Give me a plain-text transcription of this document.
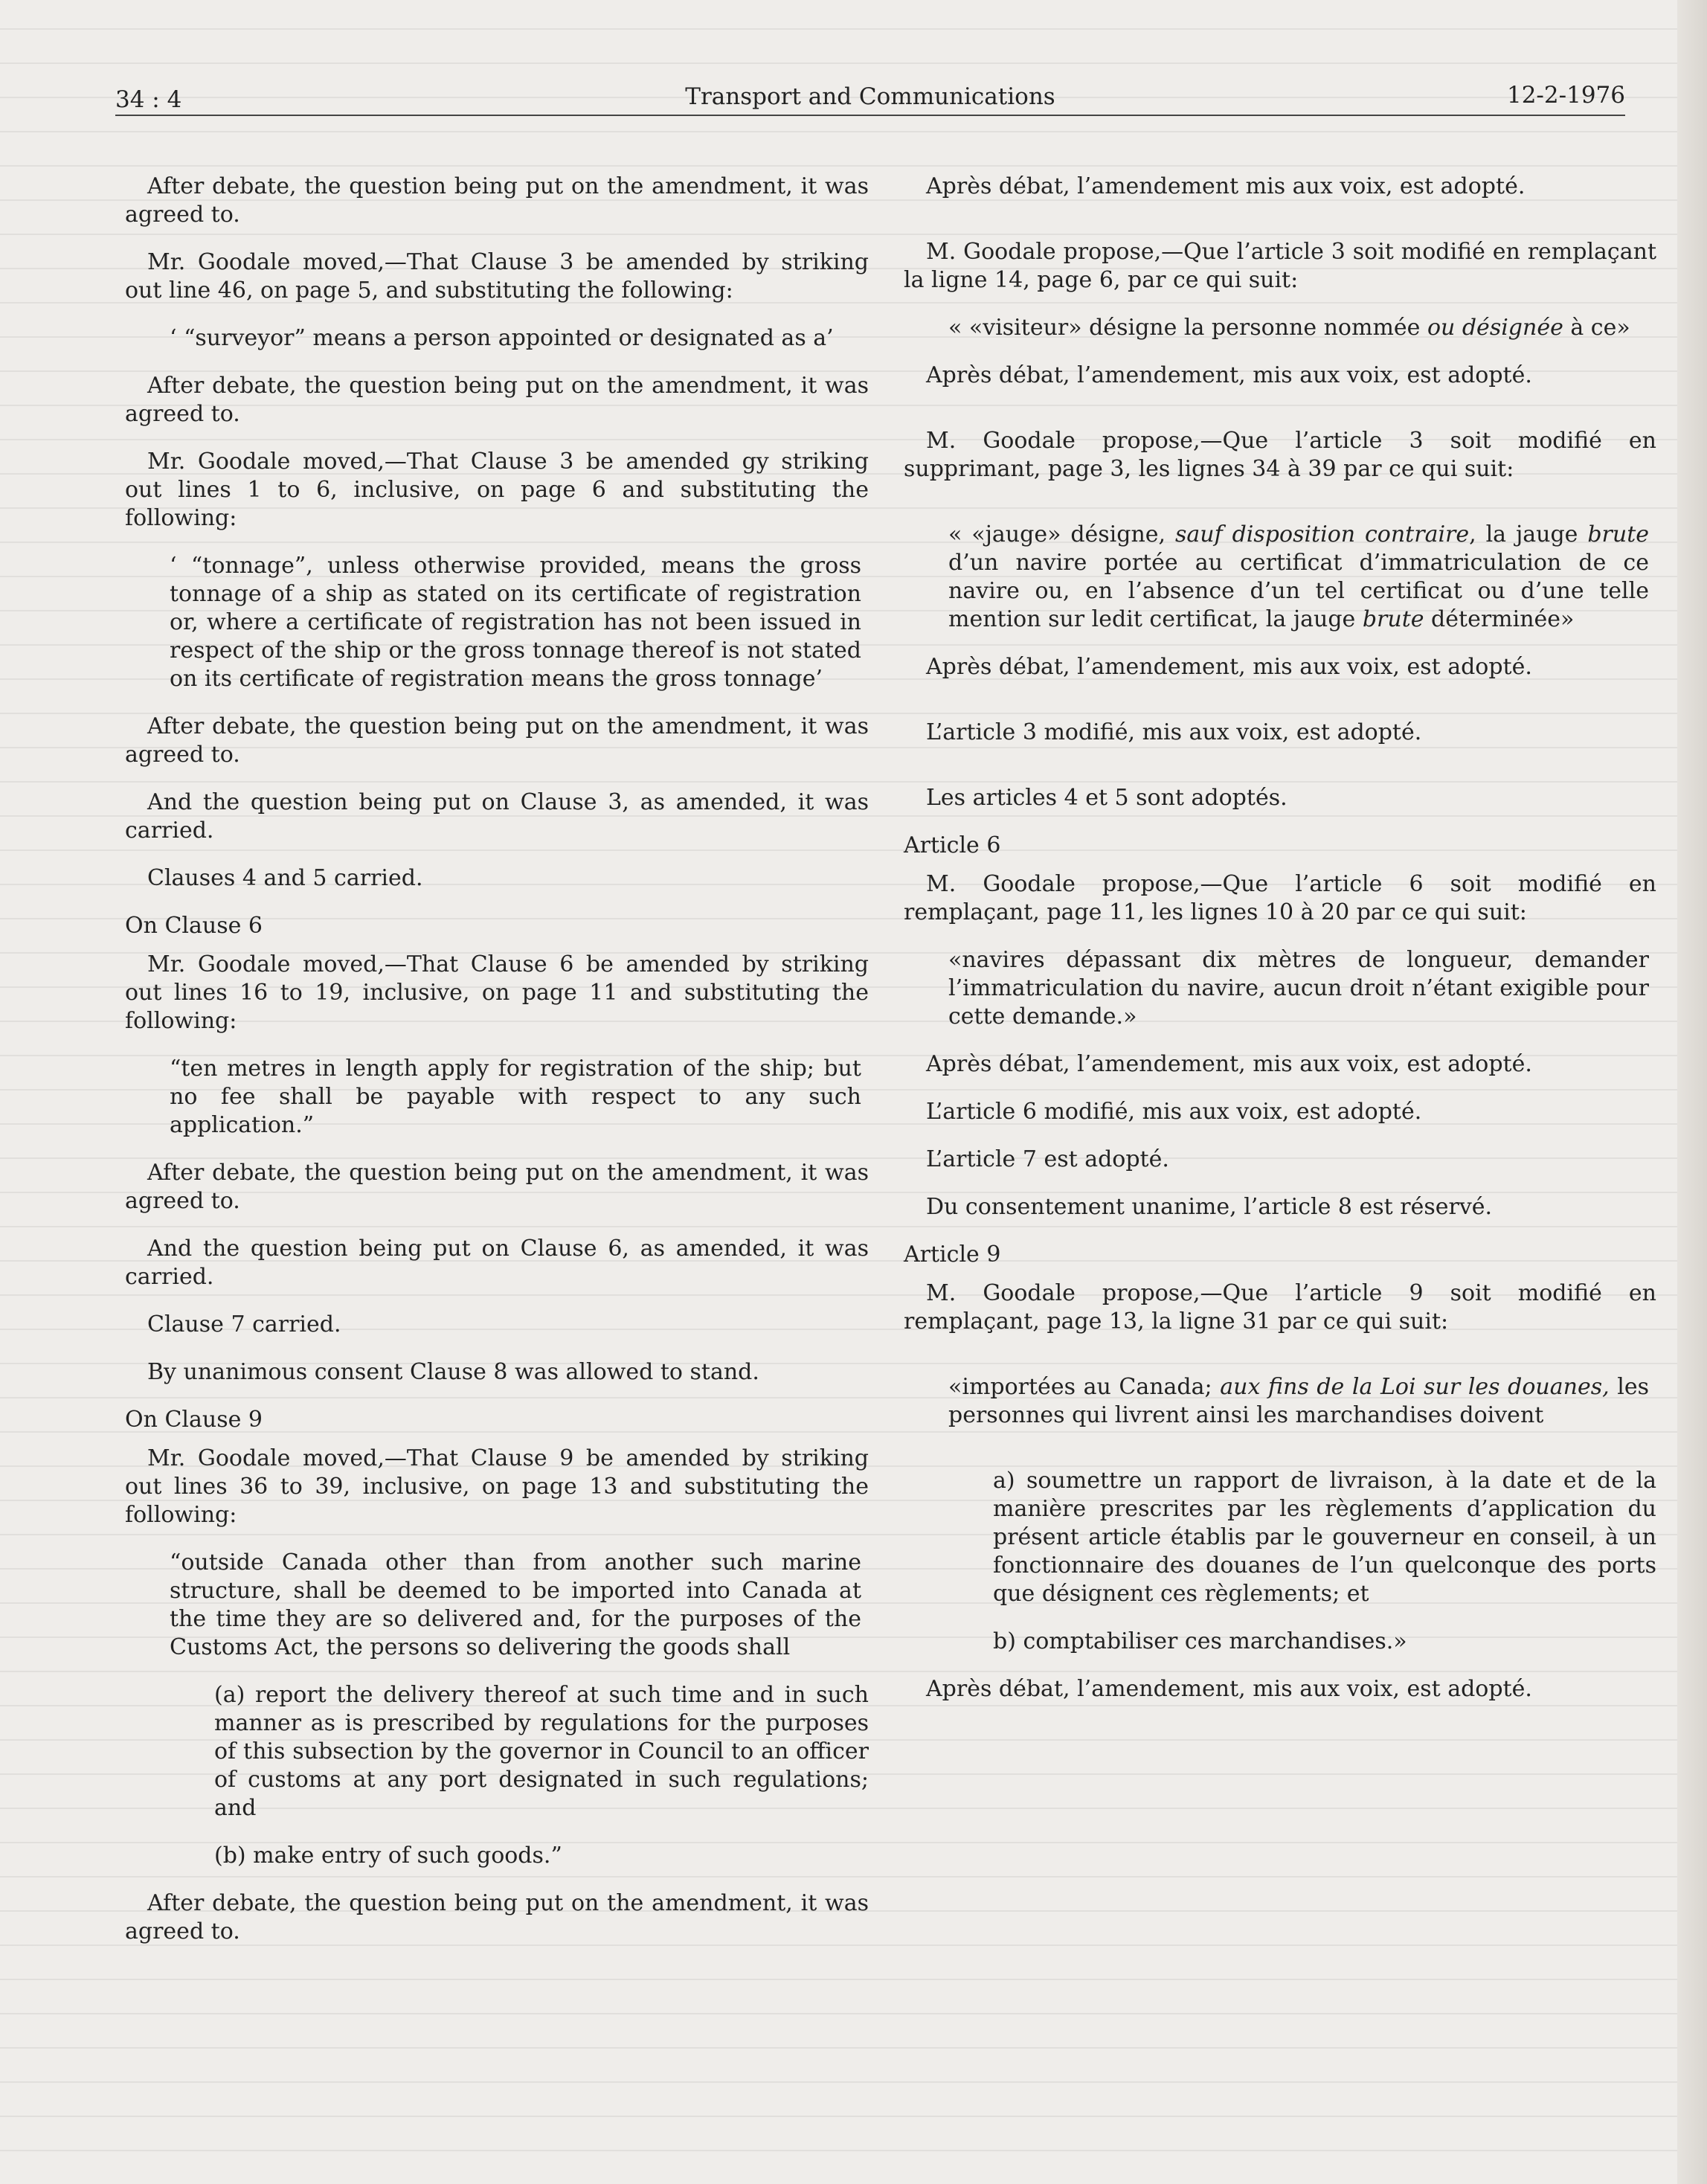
34 : 4	Transport and Communications	12-2-1976

After debate, the question being put on the amendment, it was agreed to.

Mr. Goodale moved,—That Clause 3 be amended by striking out line 46, on page 5, and substituting the following:

‘ “surveyor” means a person appointed or designated as a’

After debate, the question being put on the amendment, it was agreed to.

Mr. Goodale moved,—That Clause 3 be amended gy striking out lines 1 to 6, inclusive, on page 6 and substituting the following:

‘ “tonnage”, unless otherwise provided, means the gross tonnage of a ship as stated on its certificate of registration or, where a certificate of registration has not been issued in respect of the ship or the gross tonnage thereof is not stated on its certificate of registration means the gross tonnage’

After debate, the question being put on the amendment, it was agreed to.

And the question being put on Clause 3, as amended, it was carried.

Clauses 4 and 5 carried.

On Clause 6

Mr. Goodale moved,—That Clause 6 be amended by striking out lines 16 to 19, inclusive, on page 11 and substituting the following:

“ten metres in length apply for registration of the ship; but no fee shall be payable with respect to any such application.”

After debate, the question being put on the amendment, it was agreed to.

And the question being put on Clause 6, as amended, it was carried.

Clause 7 carried.

By unanimous consent Clause 8 was allowed to stand.

On Clause 9

Mr. Goodale moved,—That Clause 9 be amended by striking out lines 36 to 39, inclusive, on page 13 and substituting the following:

“outside Canada other than from another such marine structure, shall be deemed to be imported into Canada at the time they are so delivered and, for the purposes of the Customs Act, the persons so delivering the goods shall

(a) report the delivery thereof at such time and in such manner as is prescribed by regulations for the purposes of this subsection by the governor in Council to an officer of customs at any port designated in such regulations; and

(b) make entry of such goods.”

After debate, the question being put on the amendment, it was agreed to.

Après débat, l’amendement mis aux voix, est adopté.

M. Goodale propose,—Que l’article 3 soit modifié en remplaçant la ligne 14, page 6, par ce qui suit:

« «visiteur» désigne la personne nommée ou désignée à ce»

Après débat, l’amendement, mis aux voix, est adopté.

M. Goodale propose,—Que l’article 3 soit modifié en supprimant, page 3, les lignes 34 à 39 par ce qui suit:

« «jauge» désigne, sauf disposition contraire, la jauge brute d’un navire portée au certificat d’immatriculation de ce navire ou, en l’absence d’un tel certificat ou d’une telle mention sur ledit certificat, la jauge brute déterminée»

Après débat, l’amendement, mis aux voix, est adopté.

L’article 3 modifié, mis aux voix, est adopté.

Les articles 4 et 5 sont adoptés.

Article 6

M. Goodale propose,—Que l’article 6 soit modifié en remplaçant, page 11, les lignes 10 à 20 par ce qui suit:

«navires dépassant dix mètres de longueur, demander l’immatriculation du navire, aucun droit n’étant exigible pour cette demande.»

Après débat, l’amendement, mis aux voix, est adopté.

L’article 6 modifié, mis aux voix, est adopté.

L’article 7 est adopté.

Du consentement unanime, l’article 8 est réservé.

Article 9

M. Goodale propose,—Que l’article 9 soit modifié en remplaçant, page 13, la ligne 31 par ce qui suit:

«importées au Canada; aux fins de la Loi sur les douanes, les personnes qui livrent ainsi les marchandises doivent

a) soumettre un rapport de livraison, à la date et de la manière prescrites par les règlements d’application du présent article établis par le gouverneur en conseil, à un fonctionnaire des douanes de l’un quelconque des ports que désignent ces règlements; et

b) comptabiliser ces marchandises.»

Après débat, l’amendement, mis aux voix, est adopté.
